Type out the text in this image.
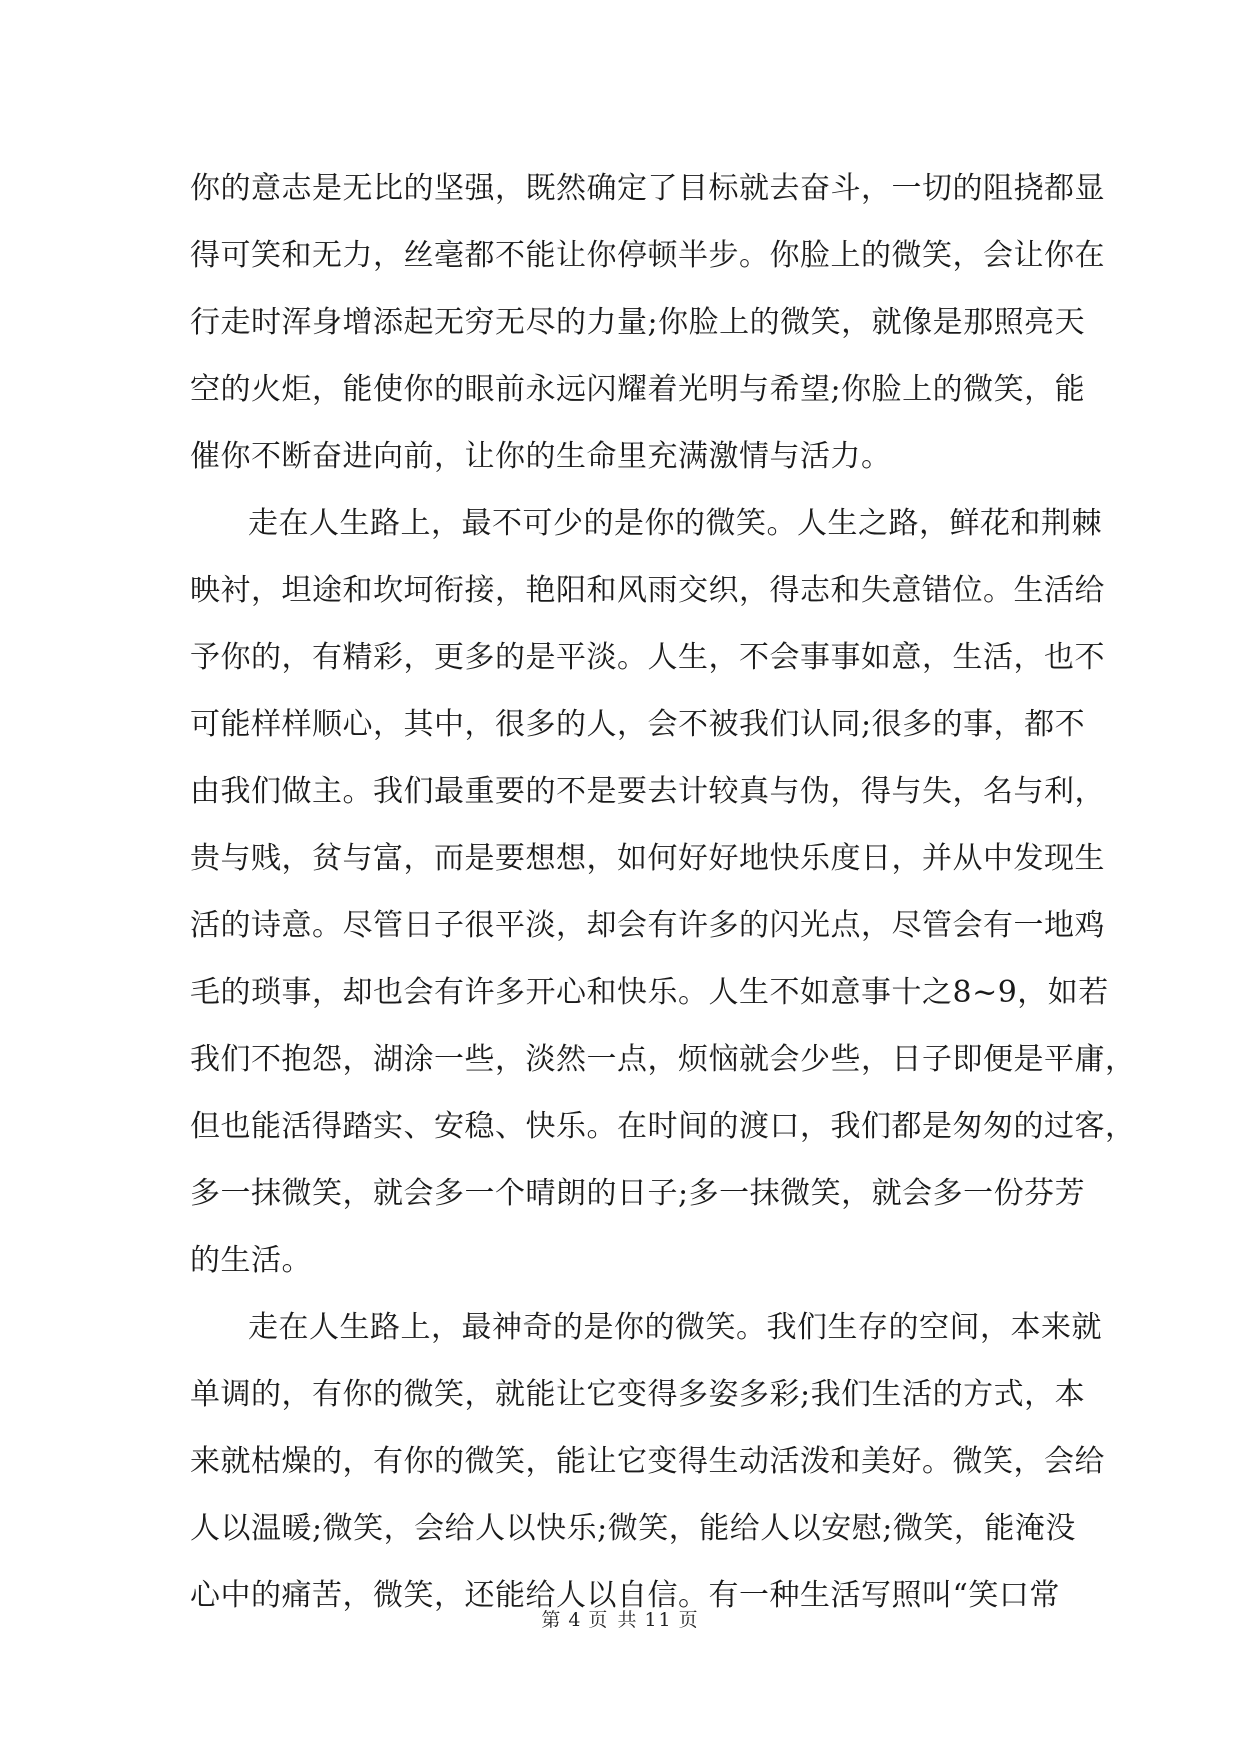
你的意志是无比的坚强，既然确定了目标就去奋斗，一切的阻挠都显
得可笑和无力，丝毫都不能让你停顿半步。你脸上的微笑，会让你在
行走时浑身增添起无穷无尽的力量;你脸上的微笑，就像是那照亮天
空的火炬，能使你的眼前永远闪耀着光明与希望;你脸上的微笑，能
催你不断奋进向前，让你的生命里充满激情与活力。
走在人生路上，最不可少的是你的微笑。人生之路，鲜花和荆棘
映衬，坦途和坎坷衔接，艳阳和风雨交织，得志和失意错位。生活给
予你的，有精彩，更多的是平淡。人生，不会事事如意，生活，也不
可能样样顺心，其中，很多的人，会不被我们认同;很多的事，都不
由我们做主。我们最重要的不是要去计较真与伪，得与失，名与利，
贵与贱，贫与富，而是要想想，如何好好地快乐度日，并从中发现生
活的诗意。尽管日子很平淡，却会有许多的闪光点，尽管会有一地鸡
毛的琐事，却也会有许多开心和快乐。人生不如意事十之8~9，如若
我们不抱怨，湖涂一些，淡然一点，烦恼就会少些，日子即便是平庸，
但也能活得踏实、安稳、快乐。在时间的渡口，我们都是匆匆的过客，
多一抹微笑，就会多一个晴朗的日子;多一抹微笑，就会多一份芬芳
的生活。
走在人生路上，最神奇的是你的微笑。我们生存的空间，本来就
单调的，有你的微笑，就能让它变得多姿多彩;我们生活的方式，本
来就枯燥的，有你的微笑，能让它变得生动活泼和美好。微笑，会给
人以温暖;微笑，会给人以快乐;微笑，能给人以安慰;微笑，能淹没
心中的痛苦，微笑，还能给人以自信。有一种生活写照叫“笑口常
第 4 页 共 11 页
